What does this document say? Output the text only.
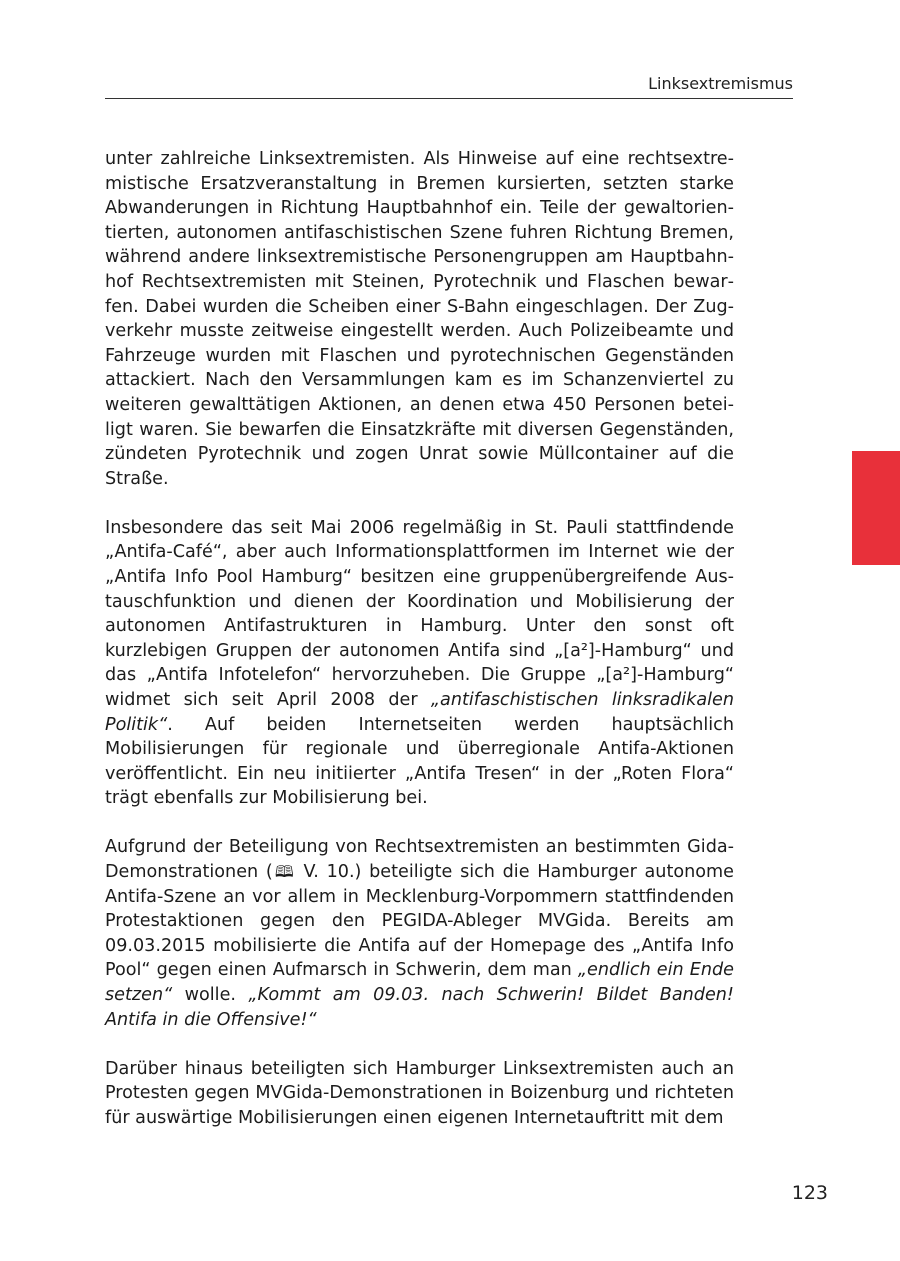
Linksextremismus

unter zahlreiche Linksextremisten. Als Hinweise auf eine rechtsextremistische Ersatzveranstaltung in Bremen kursierten, setzten starke Abwanderungen in Richtung Hauptbahnhof ein. Teile der gewaltorientierten, autonomen antifaschistischen Szene fuhren Richtung Bremen, während andere linksextremistische Personengruppen am Hauptbahnhof Rechtsextremisten mit Steinen, Pyrotechnik und Flaschen bewarfen. Dabei wurden die Scheiben einer S-Bahn eingeschlagen. Der Zugverkehr musste zeitweise eingestellt werden. Auch Polizeibeamte und Fahrzeuge wurden mit Flaschen und pyrotechnischen Gegenständen attackiert. Nach den Versammlungen kam es im Schanzenviertel zu weiteren gewalttätigen Aktionen, an denen etwa 450 Personen beteiligt waren. Sie bewarfen die Einsatzkräfte mit diversen Gegenständen, zündeten Pyrotechnik und zogen Unrat sowie Müllcontainer auf die Straße.

Insbesondere das seit Mai 2006 regelmäßig in St. Pauli stattfindende „Antifa-Café“, aber auch Informationsplattformen im Internet wie der „Antifa Info Pool Hamburg“ besitzen eine gruppenübergreifende Austauschfunktion und dienen der Koordination und Mobilisierung der autonomen Antifastrukturen in Hamburg. Unter den sonst oft kurzlebigen Gruppen der autonomen Antifa sind „[a²]-Hamburg“ und das „Antifa Infotelefon“ hervorzuheben. Die Gruppe „[a²]-Hamburg“ widmet sich seit April 2008 der „antifaschistischen linksradikalen Politik“. Auf beiden Internetseiten werden hauptsächlich Mobilisierungen für regionale und überregionale Antifa-Aktionen veröffentlicht. Ein neu initiierter „Antifa Tresen“ in der „Roten Flora“ trägt ebenfalls zur Mobilisierung bei.

Aufgrund der Beteiligung von Rechtsextremisten an bestimmten Gida-Demonstrationen (🕮 V. 10.) beteiligte sich die Hamburger autonome Antifa-Szene an vor allem in Mecklenburg-Vorpommern stattfindenden Protestaktionen gegen den PEGIDA-Ableger MVGida. Bereits am 09.03.2015 mobilisierte die Antifa auf der Homepage des „Antifa Info Pool“ gegen einen Aufmarsch in Schwerin, dem man „endlich ein Ende setzen“ wolle. „Kommt am 09.03. nach Schwerin! Bildet Banden! Antifa in die Offensive!“

Darüber hinaus beteiligten sich Hamburger Linksextremisten auch an Protesten gegen MVGida-Demonstrationen in Boizenburg und richteten für auswärtige Mobilisierungen einen eigenen Internetauftritt mit dem

123
